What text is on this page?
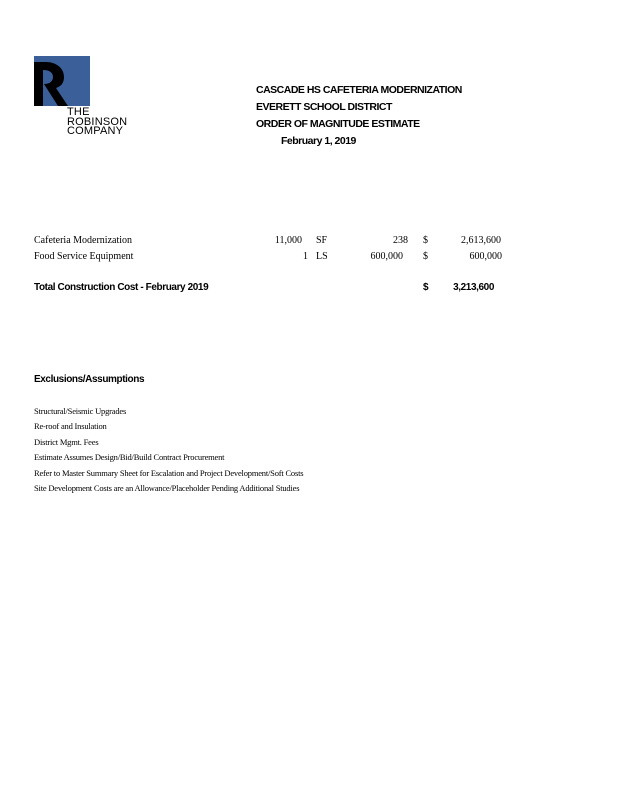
THE
ROBINSON
COMPANY
CASCADE HS CAFETERIA MODERNIZATION
EVERETT SCHOOL DISTRICT
ORDER OF MAGNITUDE ESTIMATE
February 1, 2019
Cafeteria Modernization	11,000 SF	238 $	2,613,600
Food Service Equipment	1 LS	600,000 $	600,000
Total Construction Cost - February 2019	$	3,213,600
Exclusions/Assumptions
Structural/Seismic Upgrades
Re-roof and Insulation
District Mgmt. Fees
Estimate Assumes Design/Bid/Build Contract Procurement
Refer to Master Summary Sheet for Escalation and Project Development/Soft Costs
Site Development Costs are an Allowance/Placeholder Pending Additional Studies
